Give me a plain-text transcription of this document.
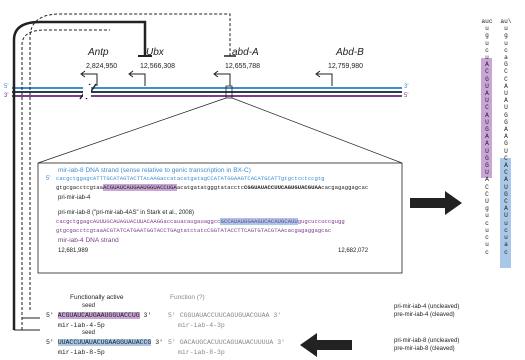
Antp
2,824,950
Ubx
12,566,308
abd-A
12,655,788
Abd-B
12,759,980
5'
3'
3'
5'
mir-iab-8 DNA strand (sense relative to genic transcription in BX-C)
5' cacgctggagcATTTGCATAGTACTTAcAAGaccatacatgatagCCATATGGAAGTCACATGCATTgtgctcctccgtg
gtgcgacctcgtaaACGUAUCAUGAAUGGUACCUGAacatgatatgggtatacctcCGGUAUACCUUCAGUGUACGUAAcacgagaggagcac
pri-mir-iab-4
pri-mir-iab-8 ("pri-mir-iab-4AS" in Stark et al., 2008)
cacgctggagcAUUUGCAUAGUACUUACAAGGaccauacaugauaggccGCCAUAUGGAAGUCACAUGCAUUgugcuccuccgugg
gtgcgacctcgtaaACGTATCATGAATGGTACCTGAgtatctatcCGGTATACCTTCAGTGTACGTAAcacgagaggagcac
mir-iab-4 DNA strand
12,681,989	12,682,072
Functionally active	Function (?)
seed
5' ACGUAUCAUGAAUGGUACCUG 3'
mir-iab-4-5p
5' CGGUAUACCUUCAGUGUACGUAA 3'
mir-iab-4-3p
seed
5' UUACCUUAUACUGAAGGUAUACCG 3'
mir-iab-8-5p
5' GACAUGCACUUCAGUAUACUUUUA 3'
mir-iab-8-3p
pri-mir-iab-4 (uncleaved)
pre-mir-iab-4 (cleaved)
pri-mir-iab-8 (uncleaved)
pre-mir-iab-8 (cleaved)
auc
u
g
u
c
u
A
C
G
U
A
U
C
A
U
G
A
A
U
G
G
U
A
C
C
U
g
u
c
u
c
u
c
au\
u
g
u
c
a
G
C
C
A
U
A
U
G
G
A
A
G
U
C
A
C
A
U
G
C
A
U
u
c
u
a
c
